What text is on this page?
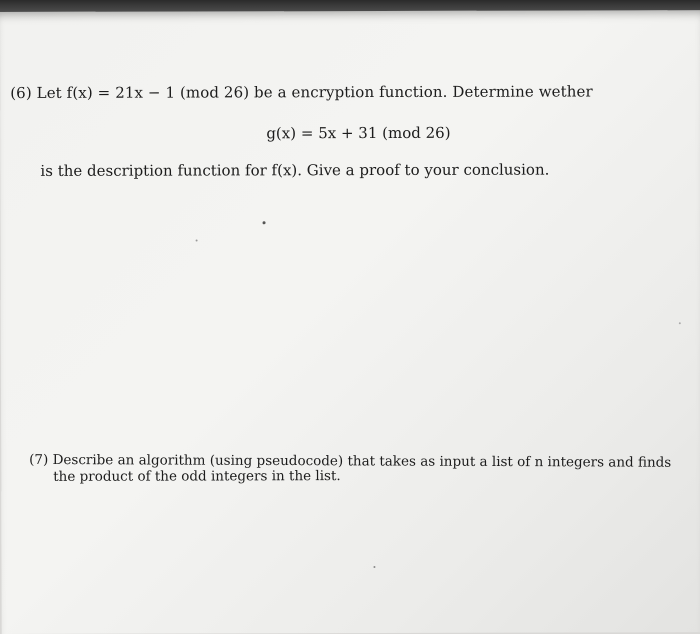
(6) Let f(x) = 21x − 1 (mod 26) be a encryption function. Determine wether
g(x) = 5x + 31 (mod 26)
is the description function for f(x). Give a proof to your conclusion.
(7) Describe an algorithm (using pseudocode) that takes as input a list of n integers and finds
the product of the odd integers in the list.
